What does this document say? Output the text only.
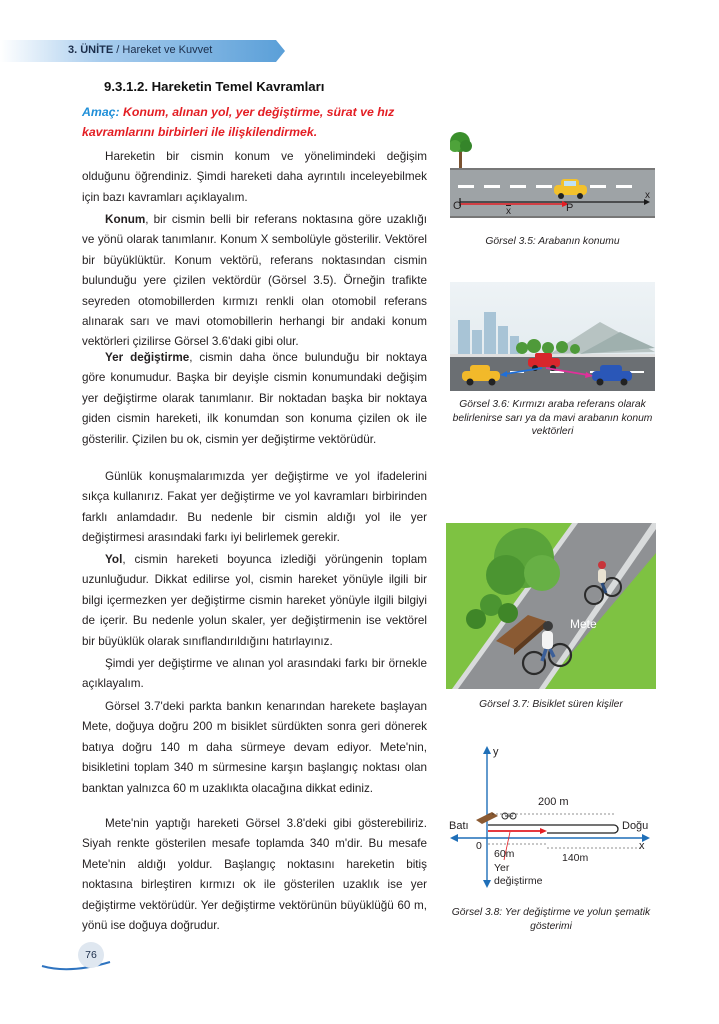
3. ÜNİTE / Hareket ve Kuvvet
9.3.1.2. Hareketin Temel Kavramları
Amaç: Konum, alınan yol, yer değiştirme, sürat ve hız kavramlarını birbirleri ile ilişkilendirmek.
Hareketin bir cismin konum ve yönelimindeki değişim olduğunu öğrendiniz. Şimdi hareketi daha ayrıntılı inceleyebilmek için bazı kavramları açıklayalım.
Konum, bir cismin belli bir referans noktasına göre uzaklığı ve yönü olarak tanımlanır. Konum X sembolüyle gösterilir. Vektörel bir büyüklüktür. Konum vektörü, referans noktasından cismin bulunduğu yere çizilen vektördür (Görsel 3.5). Örneğin trafikte seyreden otomobillerden kırmızı renkli olan otomobil referans alınarak sarı ve mavi otomobillerin herhangi bir andaki konum vektörleri çizilirse Görsel 3.6'daki gibi olur.
Yer değiştirme, cismin daha önce bulunduğu bir noktaya göre konumudur. Başka bir deyişle cismin konumundaki değişim yer değiştirme olarak tanımlanır. Bir noktadan başka bir noktaya giden cismin hareketi, ilk konumdan son konuma çizilen ok ile gösterilir. Çizilen bu ok, cismin yer değiştirme vektörüdür.
Günlük konuşmalarımızda yer değiştirme ve yol ifadelerini sıkça kullanırız. Fakat yer değiştirme ve yol kavramları birbirinden farklı anlamdadır. Bu nedenle bir cismin aldığı yol ile yer değiştirmesi arasındaki farkı iyi belirlemek gerekir.
Yol, cismin hareketi boyunca izlediği yörüngenin toplam uzunluğudur. Dikkat edilirse yol, cismin hareket yönüyle ilgili bir bilgi içermezken yer değiştirme cismin hareket yönüyle ilgili bilgiyi de içerir. Bu nedenle yolun skaler, yer değiştirmenin ise vektörel bir büyüklük olarak sınıflandırıldığını hatırlayınız.
Şimdi yer değiştirme ve alınan yol arasındaki farkı bir örnekle açıklayalım.
Görsel 3.7'deki parkta bankın kenarından harekete başlayan Mete, doğuya doğru 200 m bisiklet sürdükten sonra geri dönerek batıya doğru 140 m daha sürmeye devam ediyor. Mete'nin, bisikletini toplam 340 m sürmesine karşın başlangıç noktası olan banktan yalnızca 60 m uzaklıkta olacağına dikkat ediniz.
Mete'nin yaptığı hareketi Görsel 3.8'deki gibi gösterebiliriz. Siyah renkte gösterilen mesafe toplamda 340 m'dir. Bu mesafe Mete'nin aldığı yoldur. Başlangıç noktasını hareketin bitiş noktasına birleştiren kırmızı ok ile gösterilen uzaklık ise yer değiştirme vektörüdür. Yer değiştirme vektörünün büyüklüğü 60 m, yönü ise doğuya doğrudur.
O	P
x
$\overline{x}$
Görsel 3.5: Arabanın konumu
Görsel 3.6: Kırmızı araba referans olarak belirlenirse sarı ya da mavi arabanın konum vektörleri
Mete
Görsel 3.7: Bisiklet süren kişiler
y
x
Batı	Doğu
0
200 m
60m	140m
Yer
değiştirme
Görsel 3.8: Yer değiştirme ve yolun şematik gösterimi
76
